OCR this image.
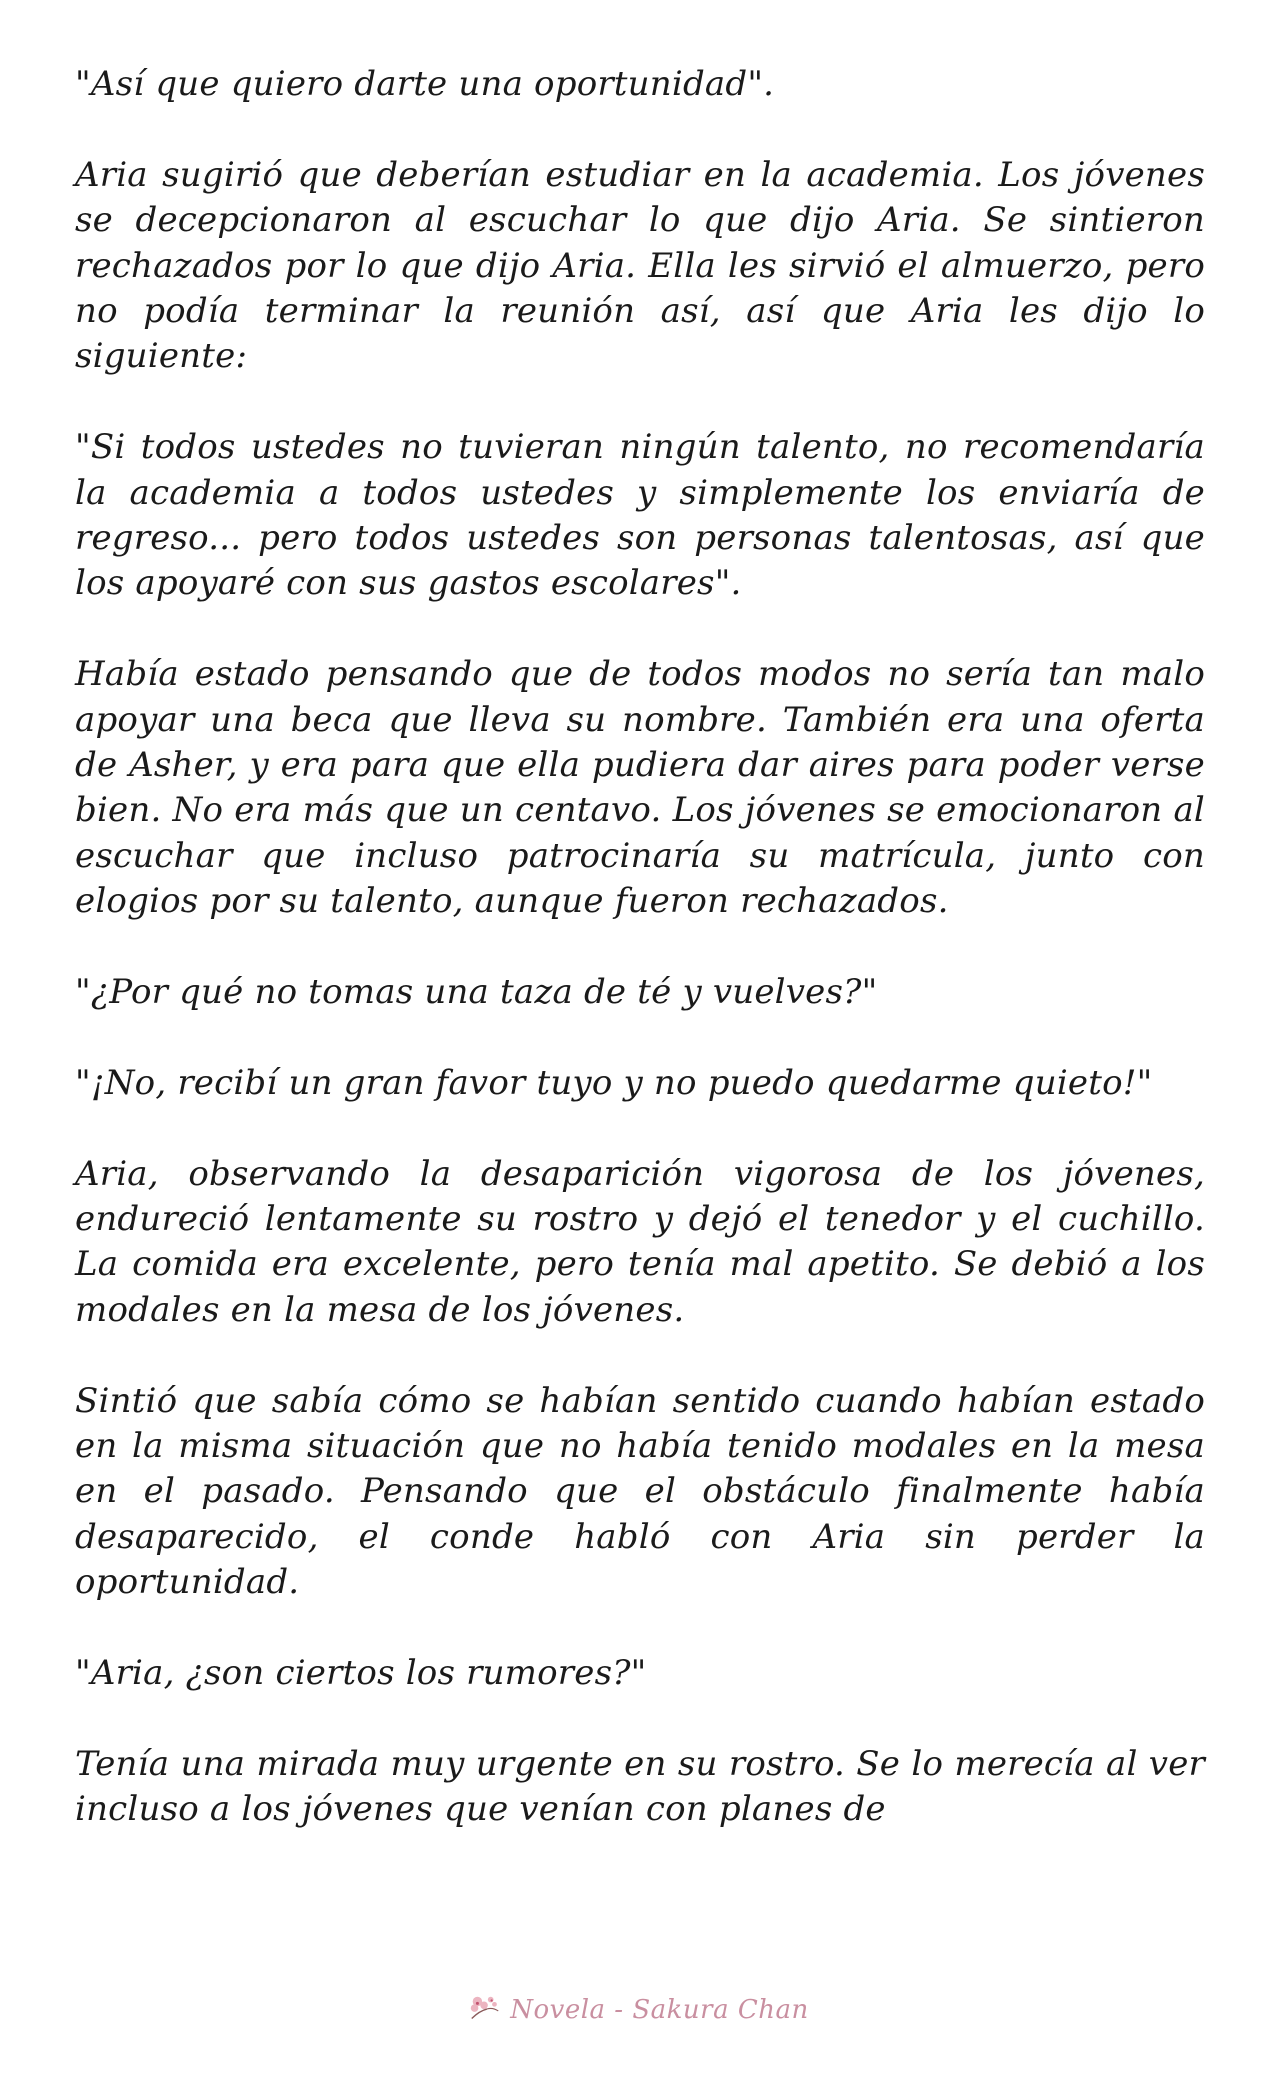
"Así que quiero darte una oportunidad".

Aria sugirió que deberían estudiar en la academia. Los jóvenes se decepcionaron al escuchar lo que dijo Aria. Se sintieron rechazados por lo que dijo Aria. Ella les sirvió el almuerzo, pero no podía terminar la reunión así, así que Aria les dijo lo siguiente:

"Si todos ustedes no tuvieran ningún talento, no recomendaría la academia a todos ustedes y simplemente los enviaría de regreso... pero todos ustedes son personas talentosas, así que los apoyaré con sus gastos escolares".

Había estado pensando que de todos modos no sería tan malo apoyar una beca que lleva su nombre. También era una oferta de Asher, y era para que ella pudiera dar aires para poder verse bien. No era más que un centavo. Los jóvenes se emocionaron al escuchar que incluso patrocinaría su matrícula, junto con elogios por su talento, aunque fueron rechazados.

"¿Por qué no tomas una taza de té y vuelves?"

"¡No, recibí un gran favor tuyo y no puedo quedarme quieto!"

Aria, observando la desaparición vigorosa de los jóvenes, endureció lentamente su rostro y dejó el tenedor y el cuchillo. La comida era excelente, pero tenía mal apetito. Se debió a los modales en la mesa de los jóvenes.

Sintió que sabía cómo se habían sentido cuando habían estado en la misma situación que no había tenido modales en la mesa en el pasado. Pensando que el obstáculo finalmente había desaparecido, el conde habló con Aria sin perder la oportunidad.

"Aria, ¿son ciertos los rumores?"

Tenía una mirada muy urgente en su rostro. Se lo merecía al ver incluso a los jóvenes que venían con planes de

Novela - Sakura Chan
